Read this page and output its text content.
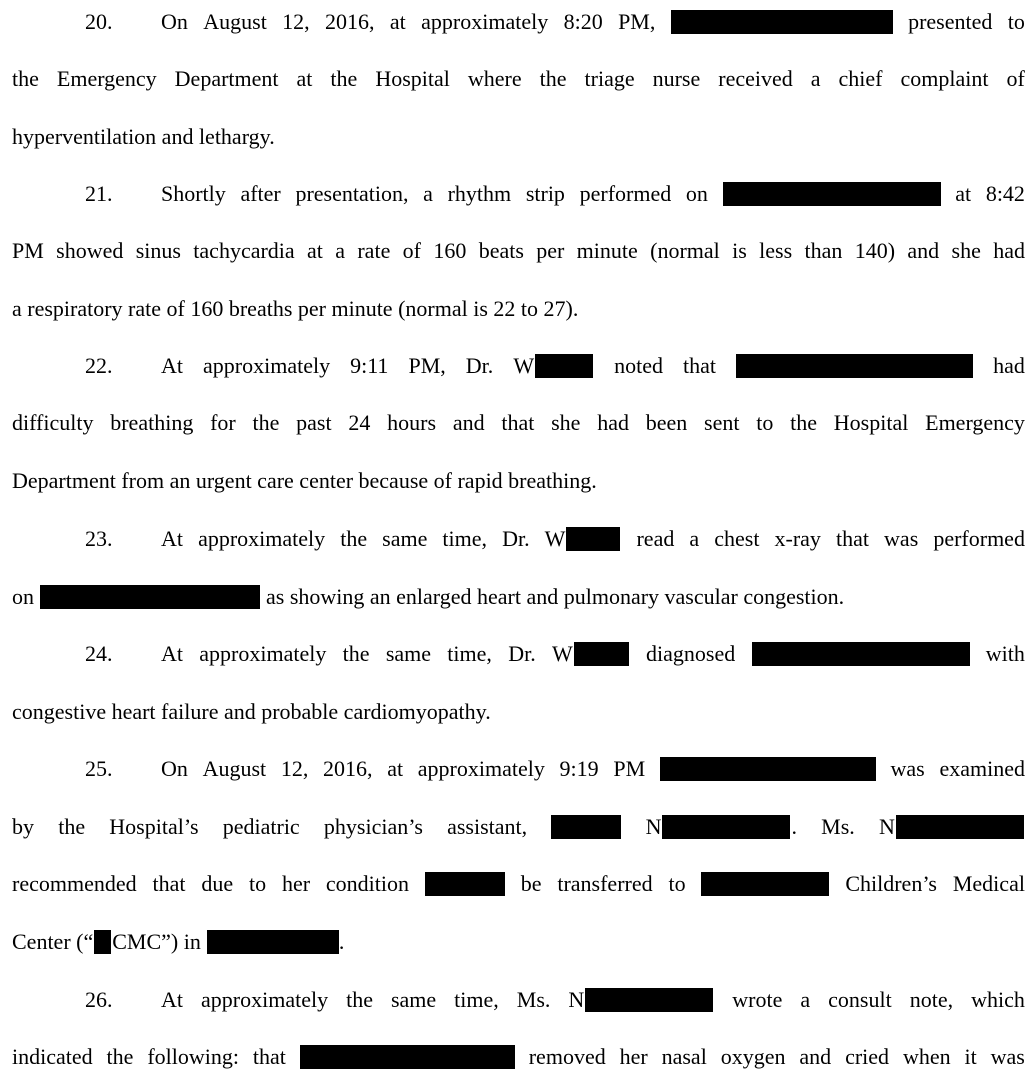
20.	On August 12, 2016, at approximately 8:20 PM,	presented to
the Emergency Department at the Hospital where the triage nurse received a chief complaint of
hyperventilation and lethargy.
21.	Shortly after presentation, a rhythm strip performed on	at 8:42
PM showed sinus tachycardia at a rate of 160 beats per minute (normal is less than 140) and she had
a respiratory rate of 160 breaths per minute (normal is 22 to 27).
22.	At approximately 9:11 PM, Dr. W	noted that	had
difficulty breathing for the past 24 hours and that she had been sent to the Hospital Emergency
Department from an urgent care center because of rapid breathing.
23.	At approximately the same time, Dr. W	read a chest x-ray that was performed
on	as showing an enlarged heart and pulmonary vascular congestion.
24.	At approximately the same time, Dr. W	diagnosed	with
congestive heart failure and probable cardiomyopathy.
25.	On August 12, 2016, at approximately 9:19 PM	was examined
by the Hospital’s pediatric physician’s assistant,	N	. Ms. N
recommended that due to her condition	be transferred to	Children’s Medical
Center (“ CMC”) in	.
26.	At approximately the same time, Ms. N	wrote a consult note, which
indicated the following: that	removed her nasal oxygen and cried when it was
